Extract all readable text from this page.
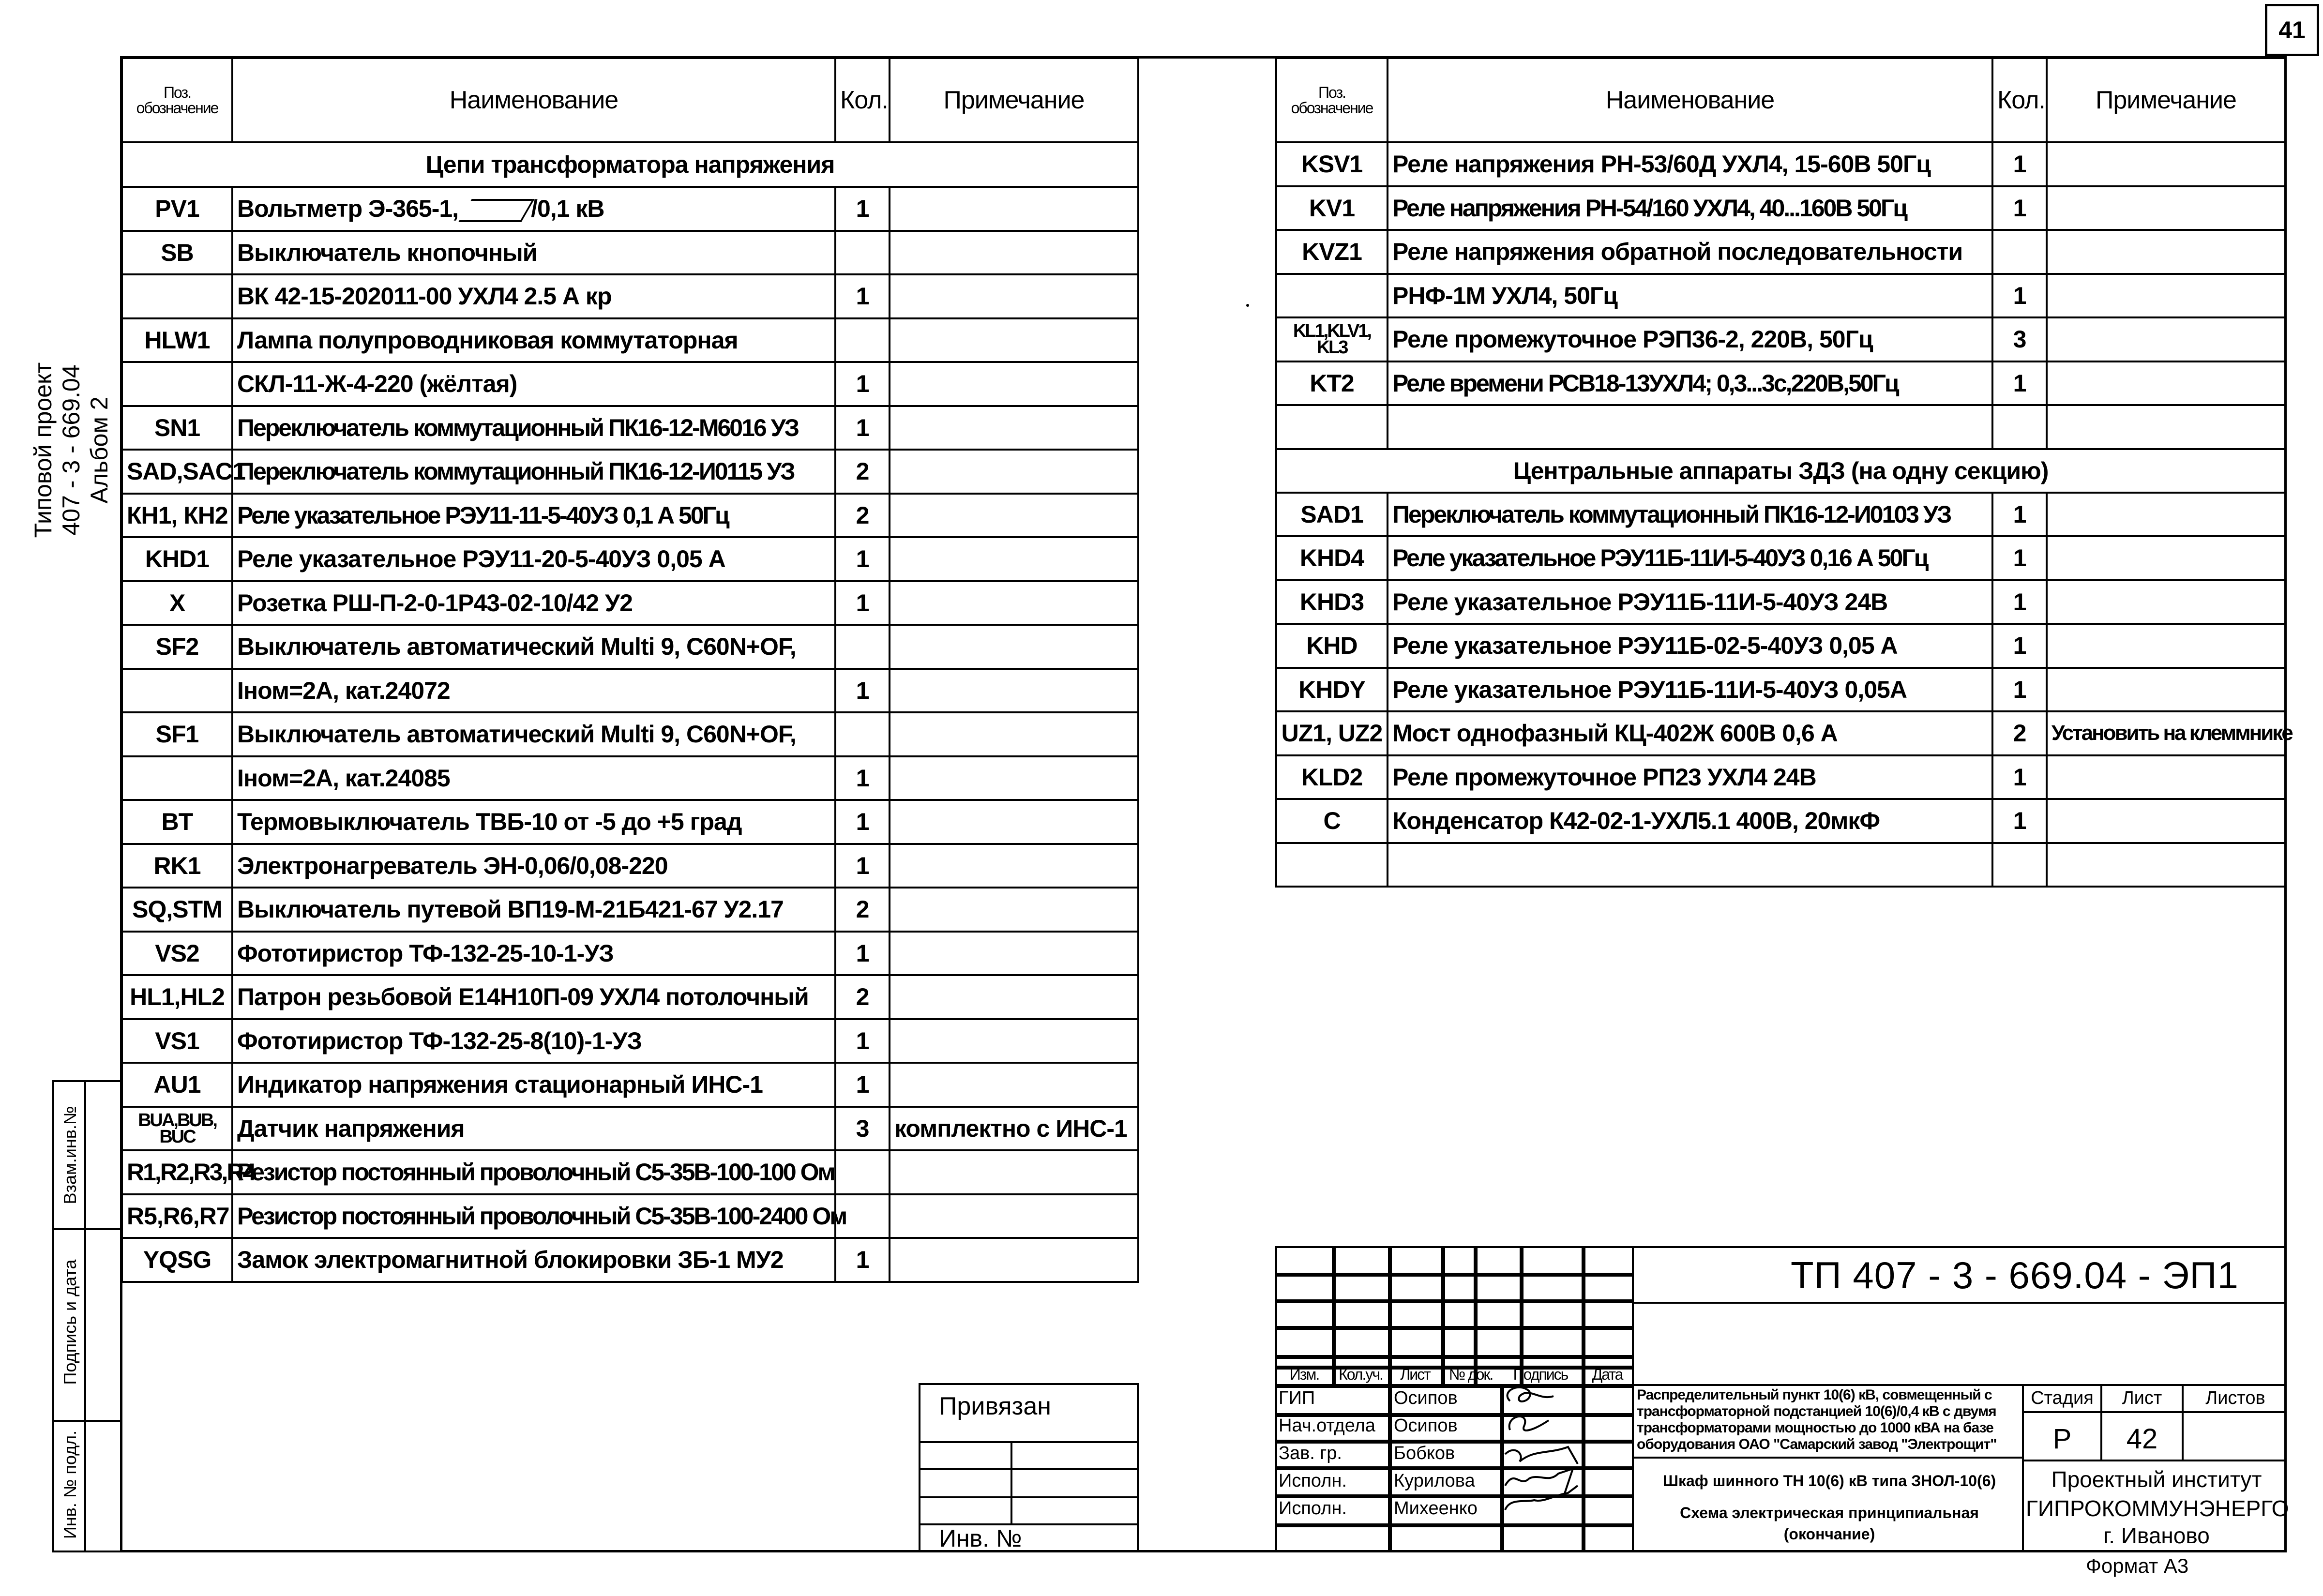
41
Типовой проект 407 - 3 - 669.04 Альбом 2
Поз.
обозначение	Наименование	Кол.	Примечание
Цепи трансформатора напряжения			
PV1	Вольтметр Э-365-1, /0,1 кВ	1	
SB	Выключатель кнопочный		
	ВК 42-15-202011-00 УХЛ4 2.5 А кр	1	
HLW1	Лампа полупроводниковая коммутаторная		
	СКЛ-11-Ж-4-220 (жёлтая)	1	
SN1	Переключатель коммутационный ПК16-12-М6016 УЗ	1	
SAD,SAC1	Переключатель коммутационный ПК16-12-И0115 УЗ	2	
КН1, КН2	Реле указательное РЭУ11-11-5-40УЗ 0,1 А 50Гц	2	
KHD1	Реле указательное РЭУ11-20-5-40УЗ 0,05 А	1	
X	Розетка РШ-П-2-0-1Р43-02-10/42 У2	1	
SF2	Выключатель автоматический Multi 9, C60N+OF,		
	Iном=2А, кат.24072	1	
SF1	Выключатель автоматический Multi 9, C60N+OF,		
	Iном=2А, кат.24085	1	
BT	Термовыключатель ТВБ-10 от -5 до +5 град	1	
RK1	Электронагреватель ЭН-0,06/0,08-220	1	
SQ,STM	Выключатель путевой ВП19-М-21Б421-67 У2.17	2	
VS2	Фототиристор ТФ-132-25-10-1-УЗ	1	
HL1,HL2	Патрон резьбовой Е14Н10П-09 УХЛ4 потолочный	2	
VS1	Фототиристор ТФ-132-25-8(10)-1-УЗ	1	
AU1	Индикатор напряжения стационарный ИНС-1	1	

BUA,BUB,
BUC	Датчик напряжения	3	комплектно с ИНС-1
R1,R2,R3,R4	Резистор постоянный проволочный С5-35В-100-100 Ом		
R5,R6,R7	Резистор постоянный проволочный С5-35В-100-2400 Ом		
YQSG	Замок электромагнитной блокировки ЗБ-1 МУ2	1	
Поз.
обозначение	Наименование	Кол.	Примечание
KSV1	Реле напряжения РН-53/60Д УХЛ4, 15-60В 50Гц	1	
KV1	Реле напряжения РН-54/160 УХЛ4, 40...160В 50Гц	1	
KVZ1	Реле напряжения обратной последовательности		
	РНФ-1М УХЛ4, 50Гц	1	

KL1,KLV1,
KL3	Реле промежуточное РЭП36-2, 220В, 50Гц	3	
KT2	Реле времени РСВ18-13УХЛ4; 0,3...3с,220В,50Гц	1	

Центральные аппараты ЗДЗ (на одну секцию)			
SAD1	Переключатель коммутационный ПК16-12-И0103 УЗ	1	
KHD4	Реле указательное РЭУ11Б-11И-5-40УЗ 0,16 А 50Гц	1	
KHD3	Реле указательное РЭУ11Б-11И-5-40УЗ 24В	1	
KHD	Реле указательное РЭУ11Б-02-5-40УЗ 0,05 А	1	
KHDY	Реле указательное РЭУ11Б-11И-5-40УЗ 0,05А	1	
UZ1, UZ2	Мост однофазный КЦ-402Ж 600В 0,6 А	2	Установить на клеммнике
KLD2	Реле промежуточное РП23 УХЛ4 24В	1	
C	Конденсатор К42-02-1-УХЛ5.1 400В, 20мкФ	1	

Взам.инв.№
Подпись и дата
Инв. № подл.
Привязан
Инв. №
ТП 407 - 3 - 669.04 - ЭП1
Распределительный пункт 10(6) кВ, совмещенный с
трансформаторной подстанцией 10(6)/0,4 кВ с двумя
трансформаторами мощностью до 1000 кВА на базе
оборудования ОАО "Самарский завод "Электрощит"
Шкаф шинного ТН 10(6) кВ типа ЗНОЛ-10(6)
Схема электрическая принципиальная
(окончание)
Стадия	Лист	Листов
Р	42
Проектный институт
ГИПРОКОММУНЭНЕРГО
г. Иваново
Формат А3
Изм.	Кол.уч.	Лист	№ док.	Подпись	Дата
ГИП	Осипов
Нач.отдела Осипов
Зав. гр.	Бобков
Исполн.	Курилова
Исполн.	Михеенко
